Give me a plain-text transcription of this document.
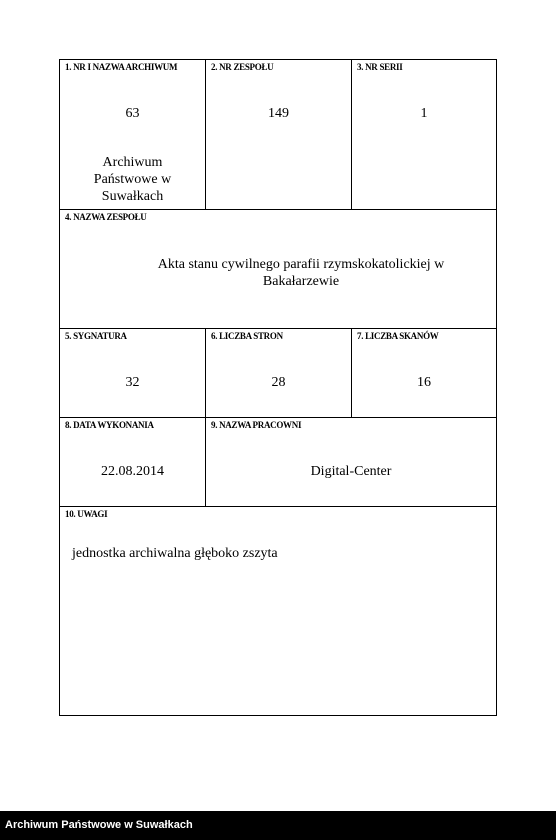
1. NR I NAZWA ARCHIWUM
63
Archiwum Państwowe w Suwałkach
2. NR ZESPOŁU
149
3. NR SERII
1
4. NAZWA ZESPOŁU
Akta stanu cywilnego parafii rzymskokatolickiej w Bakałarzewie
5. SYGNATURA
32
6. LICZBA STRON
28
7. LICZBA SKANÓW
16
8. DATA WYKONANIA
22.08.2014
9. NAZWA PRACOWNI
Digital-Center
10. UWAGI
jednostka archiwalna głęboko zszyta
Archiwum Państwowe w Suwałkach
